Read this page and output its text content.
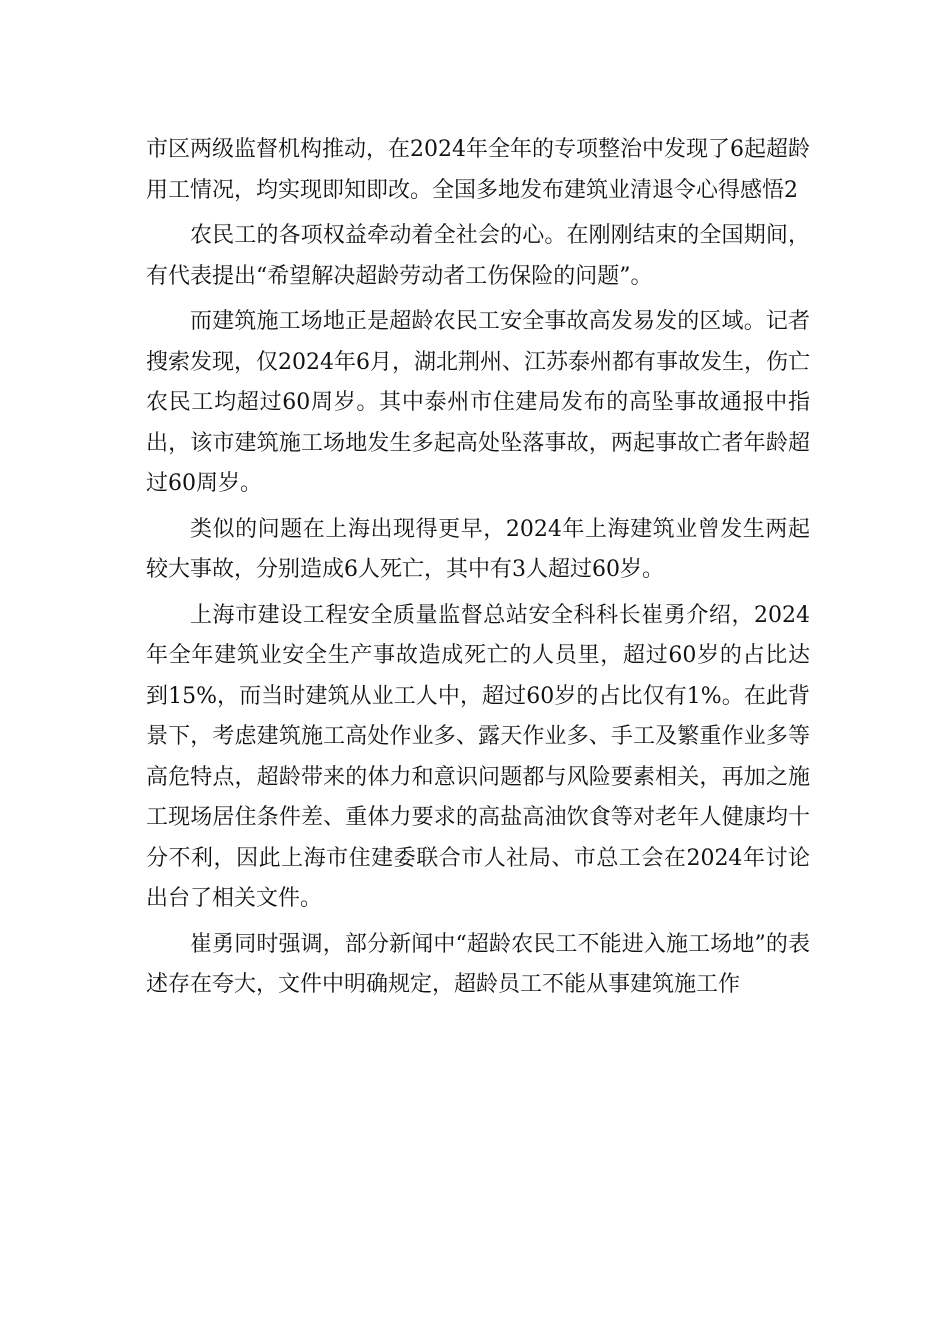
市区两级监督机构推动，在2024年全年的专项整治中发现了6起超龄用工情况，均实现即知即改。全国多地发布建筑业清退令心得感悟2

农民工的各项权益牵动着全社会的心。在刚刚结束的全国期间，有代表提出“希望解决超龄劳动者工伤保险的问题”。

而建筑施工场地正是超龄农民工安全事故高发易发的区域。记者搜索发现，仅2024年6月，湖北荆州、江苏泰州都有事故发生，伤亡农民工均超过60周岁。其中泰州市住建局发布的高坠事故通报中指出，该市建筑施工场地发生多起高处坠落事故，两起事故亡者年龄超过60周岁。

类似的问题在上海出现得更早，2024年上海建筑业曾发生两起较大事故，分别造成6人死亡，其中有3人超过60岁。

上海市建设工程安全质量监督总站安全科科长崔勇介绍，2024年全年建筑业安全生产事故造成死亡的人员里，超过60岁的占比达到15%，而当时建筑从业工人中，超过60岁的占比仅有1%。在此背景下，考虑建筑施工高处作业多、露天作业多、手工及繁重作业多等高危特点，超龄带来的体力和意识问题都与风险要素相关，再加之施工现场居住条件差、重体力要求的高盐高油饮食等对老年人健康均十分不利，因此上海市住建委联合市人社局、市总工会在2024年讨论出台了相关文件。

崔勇同时强调，部分新闻中“超龄农民工不能进入施工场地”的表述存在夸大，文件中明确规定，超龄员工不能从事建筑施工作
